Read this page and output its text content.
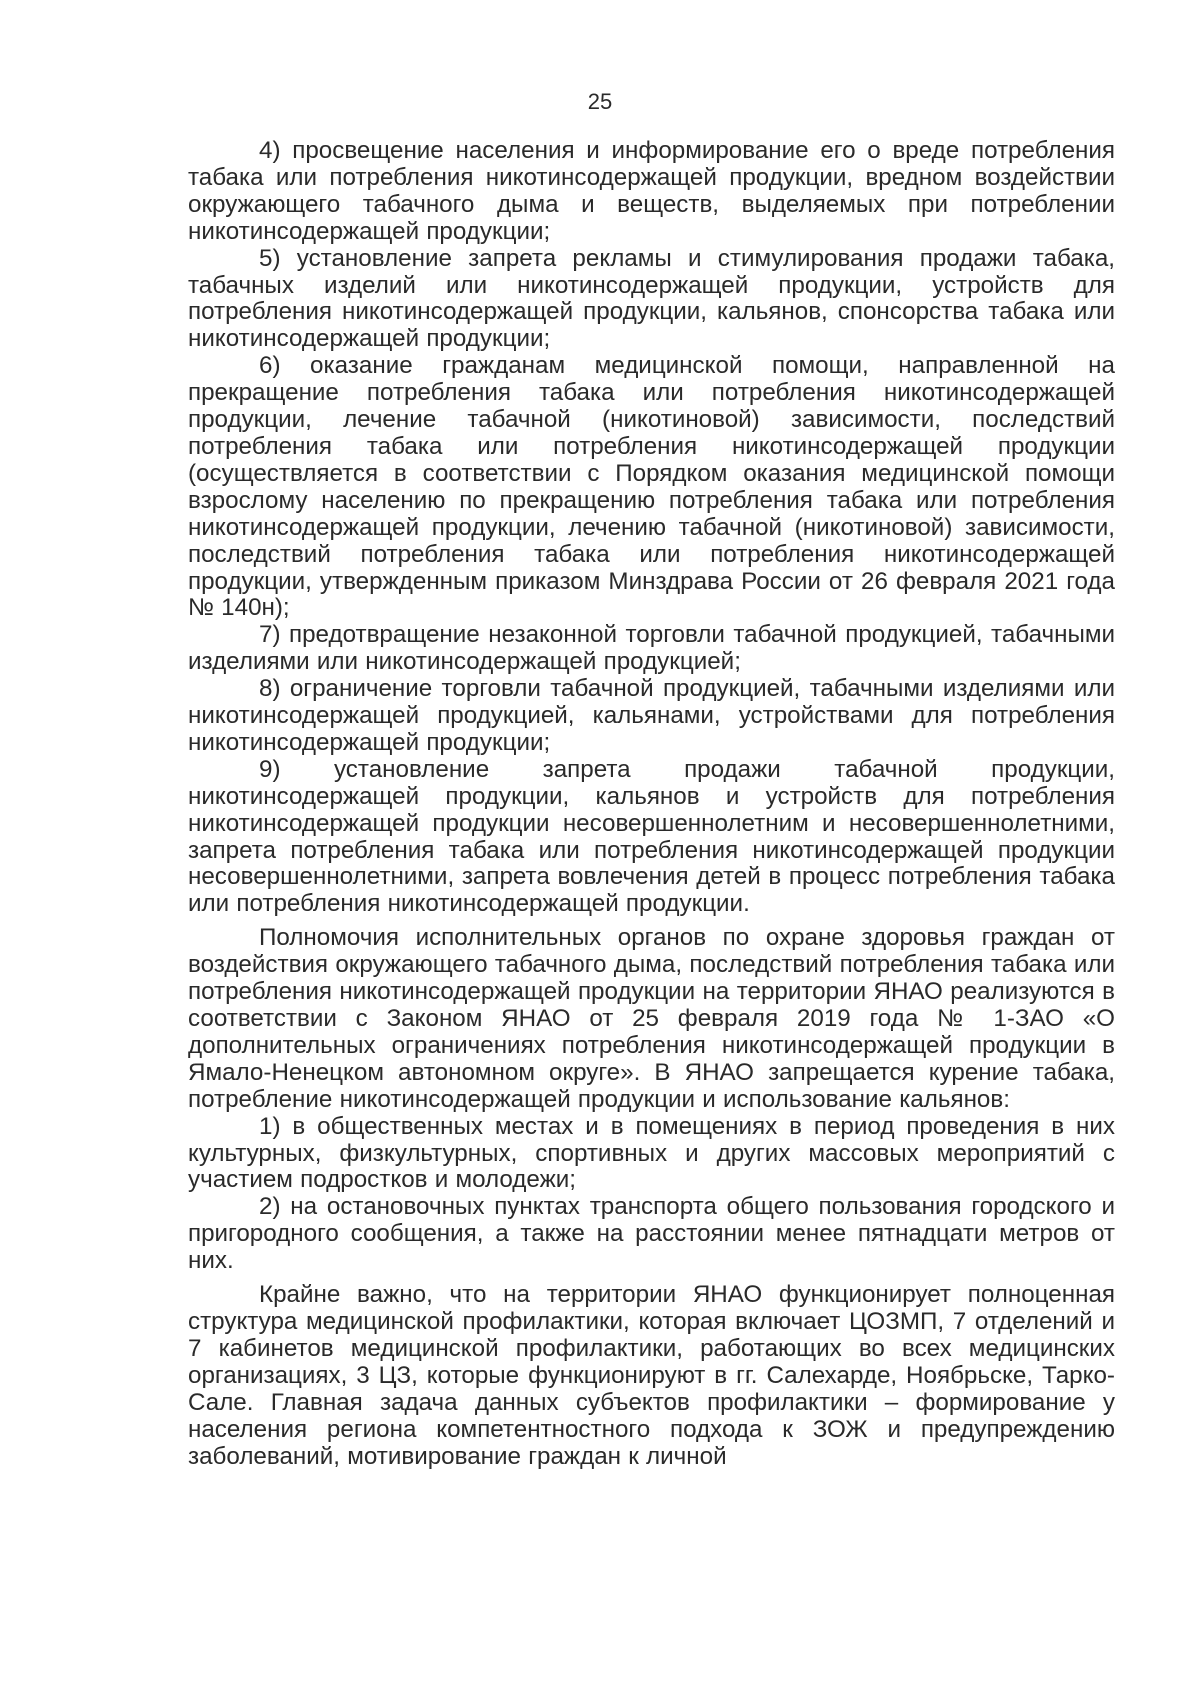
25

4) просвещение населения и информирование его о вреде потребления табака или потребления никотинсодержащей продукции, вредном воздействии окружающего табачного дыма и веществ, выделяемых при потреблении никотинсодержащей продукции;

5) установление запрета рекламы и стимулирования продажи табака, табачных изделий или никотинсодержащей продукции, устройств для потребления никотинсодержащей продукции, кальянов, спонсорства табака или никотинсодержащей продукции;

6) оказание гражданам медицинской помощи, направленной на прекращение потребления табака или потребления никотинсодержащей продукции, лечение табачной (никотиновой) зависимости, последствий потребления табака или потребления никотинсодержащей продукции (осуществляется в соответствии с Порядком оказания медицинской помощи взрослому населению по прекращению потребления табака или потребления никотинсодержащей продукции, лечению табачной (никотиновой) зависимости, последствий потребления табака или потребления никотинсодержащей продукции, утвержденным приказом Минздрава России от 26 февраля 2021 года № 140н);

7) предотвращение незаконной торговли табачной продукцией, табачными изделиями или никотинсодержащей продукцией;

8) ограничение торговли табачной продукцией, табачными изделиями или никотинсодержащей продукцией, кальянами, устройствами для потребления никотинсодержащей продукции;

9) установление запрета продажи табачной продукции, никотинсодержащей продукции, кальянов и устройств для потребления никотинсодержащей продукции несовершеннолетним и несовершеннолетними, запрета потребления табака или потребления никотинсодержащей продукции несовершеннолетними, запрета вовлечения детей в процесс потребления табака или потребления никотинсодержащей продукции.

Полномочия исполнительных органов по охране здоровья граждан от воздействия окружающего табачного дыма, последствий потребления табака или потребления никотинсодержащей продукции на территории ЯНАО реализуются в соответствии с Законом ЯНАО от 25 февраля 2019 года № 1-ЗАО «О дополнительных ограничениях потребления никотинсодержащей продукции в Ямало-Ненецком автономном округе». В ЯНАО запрещается курение табака, потребление никотинсодержащей продукции и использование кальянов:

1) в общественных местах и в помещениях в период проведения в них культурных, физкультурных, спортивных и других массовых мероприятий с участием подростков и молодежи;

2) на остановочных пунктах транспорта общего пользования городского и пригородного сообщения, а также на расстоянии менее пятнадцати метров от них.

Крайне важно, что на территории ЯНАО функционирует полноценная структура медицинской профилактики, которая включает ЦОЗМП, 7 отделений и 7 кабинетов медицинской профилактики, работающих во всех медицинских организациях, 3 ЦЗ, которые функционируют в гг. Салехарде, Ноябрьске, Тарко-Сале. Главная задача данных субъектов профилактики – формирование у населения региона компетентностного подхода к ЗОЖ и предупреждению заболеваний, мотивирование граждан к личной
